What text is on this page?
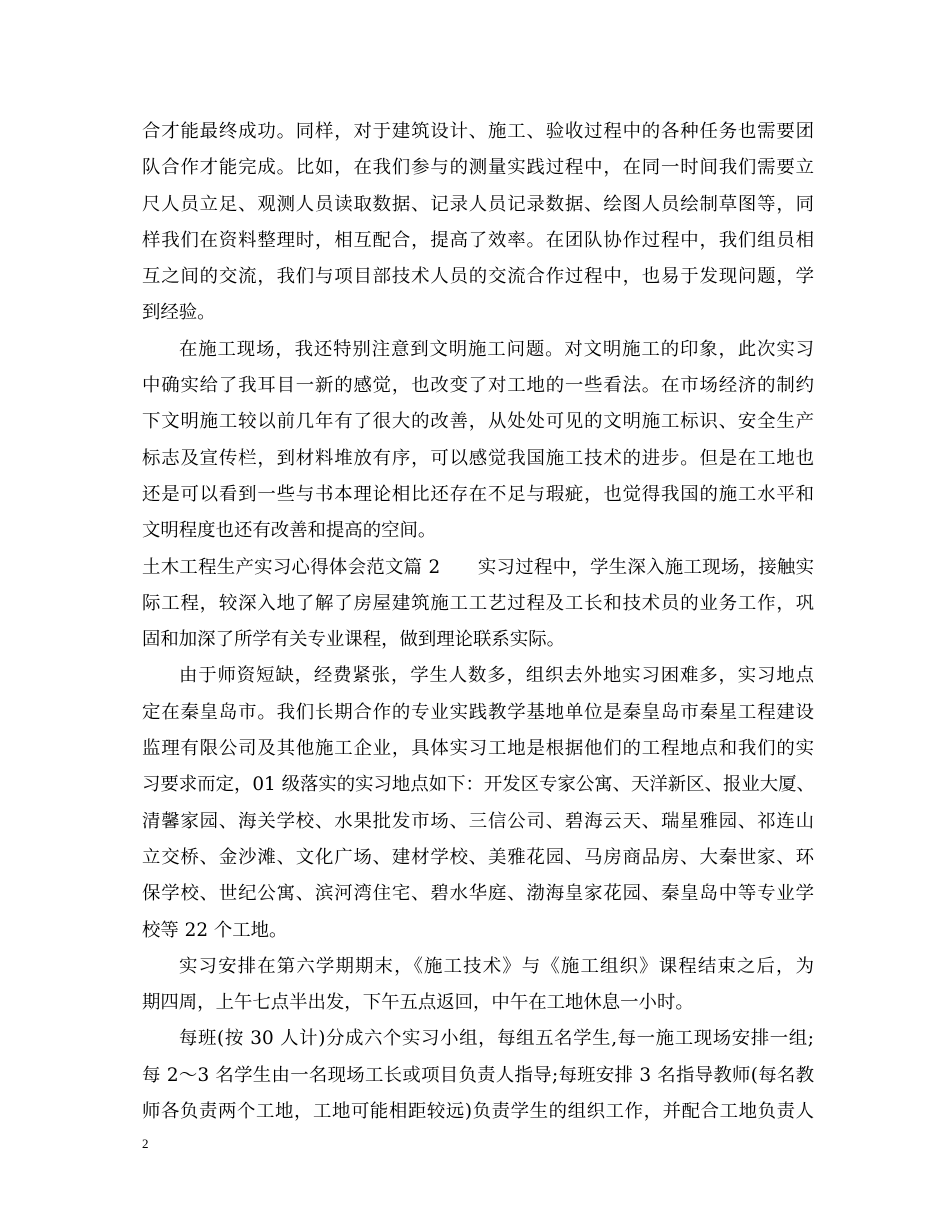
合才能最终成功。同样，对于建筑设计、施工、验收过程中的各种任务也需要团
队合作才能完成。比如，在我们参与的测量实践过程中，在同一时间我们需要立
尺人员立足、观测人员读取数据、记录人员记录数据、绘图人员绘制草图等，同
样我们在资料整理时，相互配合，提高了效率。在团队协作过程中，我们组员相
互之间的交流，我们与项目部技术人员的交流合作过程中，也易于发现问题，学
到经验。
在施工现场，我还特别注意到文明施工问题。对文明施工的印象，此次实习
中确实给了我耳目一新的感觉，也改变了对工地的一些看法。在市场经济的制约
下文明施工较以前几年有了很大的改善，从处处可见的文明施工标识、安全生产
标志及宣传栏，到材料堆放有序，可以感觉我国施工技术的进步。但是在工地也
还是可以看到一些与书本理论相比还存在不足与瑕疵，也觉得我国的施工水平和
文明程度也还有改善和提高的空间。
土木工程生产实习心得体会范文篇 2　　实习过程中，学生深入施工现场，接触实
际工程，较深入地了解了房屋建筑施工工艺过程及工长和技术员的业务工作，巩
固和加深了所学有关专业课程，做到理论联系实际。
由于师资短缺，经费紧张，学生人数多，组织去外地实习困难多，实习地点
定在秦皇岛市。我们长期合作的专业实践教学基地单位是秦皇岛市秦星工程建设
监理有限公司及其他施工企业，具体实习工地是根据他们的工程地点和我们的实
习要求而定，01 级落实的实习地点如下：开发区专家公寓、天洋新区、报业大厦、
清馨家园、海关学校、水果批发市场、三信公司、碧海云天、瑞星雅园、祁连山
立交桥、金沙滩、文化广场、建材学校、美雅花园、马房商品房、大秦世家、环
保学校、世纪公寓、滨河湾住宅、碧水华庭、渤海皇家花园、秦皇岛中等专业学
校等 22 个工地。
实习安排在第六学期期末，《施工技术》与《施工组织》课程结束之后，为
期四周，上午七点半出发，下午五点返回，中午在工地休息一小时。
每班(按 30 人计)分成六个实习小组，每组五名学生,每一施工现场安排一组;
每 2～3 名学生由一名现场工长或项目负责人指导;每班安排 3 名指导教师(每名教
师各负责两个工地，工地可能相距较远)负责学生的组织工作，并配合工地负责人
2
